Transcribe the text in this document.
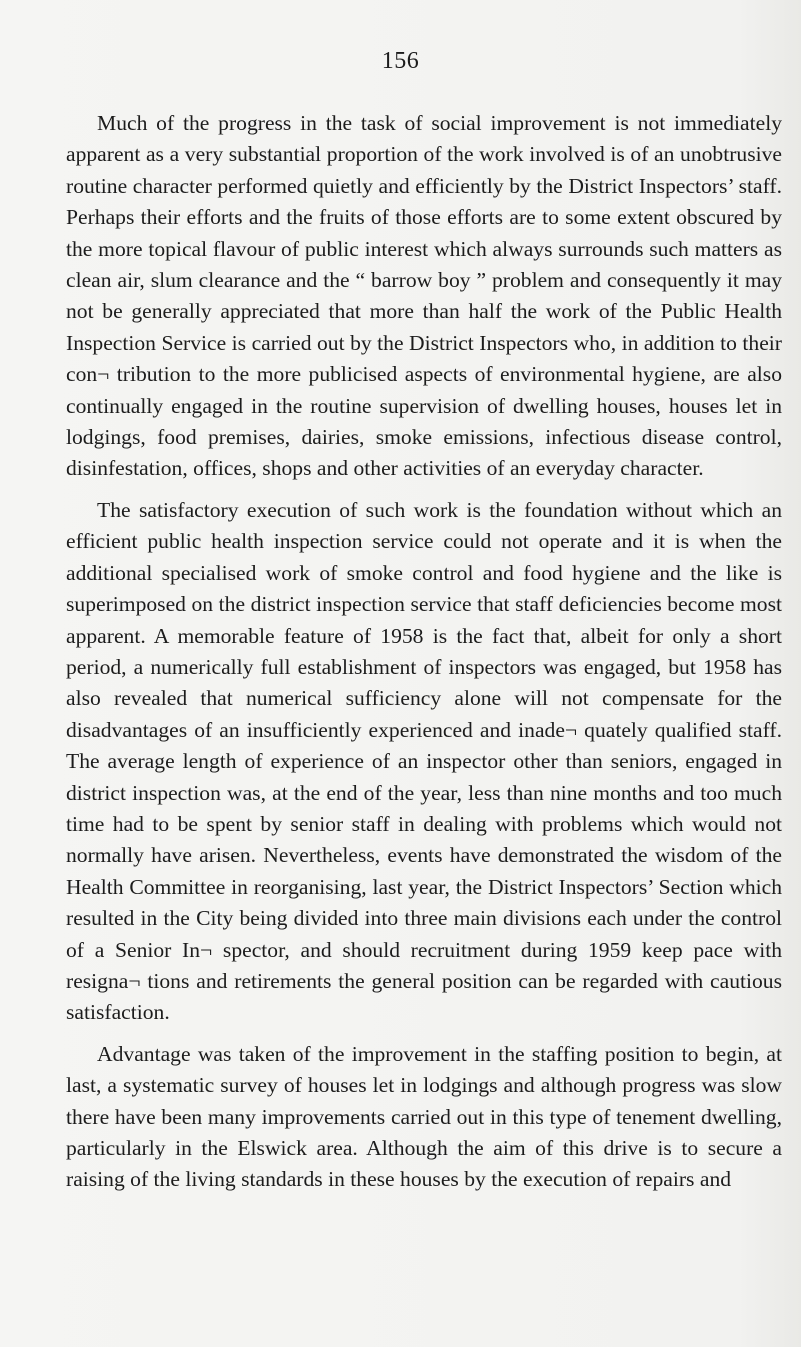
156

Much of the progress in the task of social improvement is not immediately apparent as a very substantial proportion of the work involved is of an unobtrusive routine character performed quietly and efficiently by the District Inspectors’ staff. Perhaps their efforts and the fruits of those efforts are to some extent obscured by the more topical flavour of public interest which always surrounds such matters as clean air, slum clearance and the “ barrow boy ” problem and consequently it may not be generally appreciated that more than half the work of the Public Health Inspection Service is carried out by the District Inspectors who, in addition to their con¬ tribution to the more publicised aspects of environmental hygiene, are also continually engaged in the routine supervision of dwelling houses, houses let in lodgings, food premises, dairies, smoke emissions, infectious disease control, disinfestation, offices, shops and other activities of an everyday character.

The satisfactory execution of such work is the foundation without which an efficient public health inspection service could not operate and it is when the additional specialised work of smoke control and food hygiene and the like is superimposed on the district inspection service that staff deficiencies become most apparent. A memorable feature of 1958 is the fact that, albeit for only a short period, a numerically full establishment of inspectors was engaged, but 1958 has also revealed that numerical sufficiency alone will not compensate for the disadvantages of an insufficiently experienced and inade¬ quately qualified staff. The average length of experience of an inspector other than seniors, engaged in district inspection was, at the end of the year, less than nine months and too much time had to be spent by senior staff in dealing with problems which would not normally have arisen. Nevertheless, events have demonstrated the wisdom of the Health Committee in reorganising, last year, the District Inspectors’ Section which resulted in the City being divided into three main divisions each under the control of a Senior In¬ spector, and should recruitment during 1959 keep pace with resigna¬ tions and retirements the general position can be regarded with cautious satisfaction.

Advantage was taken of the improvement in the staffing position to begin, at last, a systematic survey of houses let in lodgings and although progress was slow there have been many improvements carried out in this type of tenement dwelling, particularly in the Elswick area. Although the aim of this drive is to secure a raising of the living standards in these houses by the execution of repairs and
